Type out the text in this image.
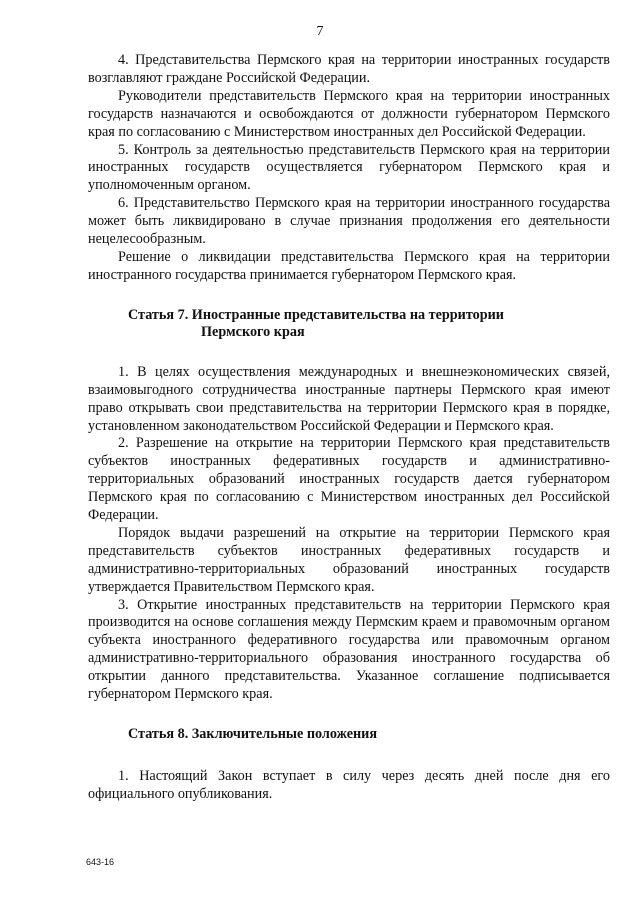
7

4. Представительства Пермского края на территории иностранных государств возглавляют граждане Российской Федерации.

Руководители представительств Пермского края на территории иностранных государств назначаются и освобождаются от должности губернатором Пермского края по согласованию с Министерством иностранных дел Российской Федерации.

5. Контроль за деятельностью представительств Пермского края на территории иностранных государств осуществляется губернатором Пермского края и уполномоченным органом.

6. Представительство Пермского края на территории иностранного государства может быть ликвидировано в случае признания продолжения его деятельности нецелесообразным.

Решение о ликвидации представительства Пермского края на территории иностранного государства принимается губернатором Пермского края.

Статья 7. Иностранные представительства на территории
Пермского края

1. В целях осуществления международных и внешнеэкономических связей, взаимовыгодного сотрудничества иностранные партнеры Пермского края имеют право открывать свои представительства на территории Пермского края в порядке, установленном законодательством Российской Федерации и Пермского края.

2. Разрешение на открытие на территории Пермского края представительств субъектов иностранных федеративных государств и административно-территориальных образований иностранных государств дается губернатором Пермского края по согласованию с Министерством иностранных дел Российской Федерации.

Порядок выдачи разрешений на открытие на территории Пермского края представительств субъектов иностранных федеративных государств и административно-территориальных образований иностранных государств утверждается Правительством Пермского края.

3. Открытие иностранных представительств на территории Пермского края производится на основе соглашения между Пермским краем и правомочным органом субъекта иностранного федеративного государства или правомочным органом административно-территориального образования иностранного государства об открытии данного представительства. Указанное соглашение подписывается губернатором Пермского края.

Статья 8. Заключительные положения

1. Настоящий Закон вступает в силу через десять дней после дня его официального опубликования.

643-16
